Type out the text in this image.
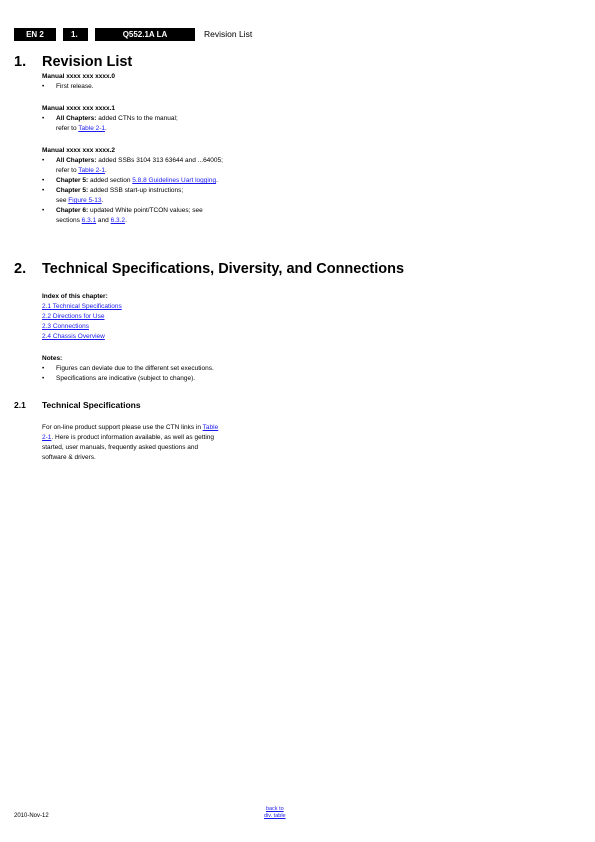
EN 2	1.	Q552.1A LA	Revision List
1. Revision List
Manual xxxx xxx xxxx.0
• First release.
Manual xxxx xxx xxxx.1
• All Chapters: added CTNs to the manual;
refer to Table 2-1.
Manual xxxx xxx xxxx.2
• All Chapters: added SSBs 3104 313 63644 and ...64005;
refer to Table 2-1.
• Chapter 5: added section 5.8.8 Guidelines Uart logging.
• Chapter 5: added SSB start-up instructions;
see Figure 5-13.
• Chapter 6: updated White point/TCON values; see
sections 6.3.1 and 6.3.2.
2. Technical Specifications, Diversity, and Connections
Index of this chapter:
2.1 Technical Specifications
2.2 Directions for Use
2.3 Connections
2.4 Chassis Overview
Notes:
• Figures can deviate due to the different set executions.
• Specifications are indicative (subject to change).
2.1 Technical Specifications
For on-line product support please use the CTN links in Table
2-1. Here is product information available, as well as getting
started, user manuals, frequently asked questions and
software & drivers.
2010-Nov-12
back to
div. table
